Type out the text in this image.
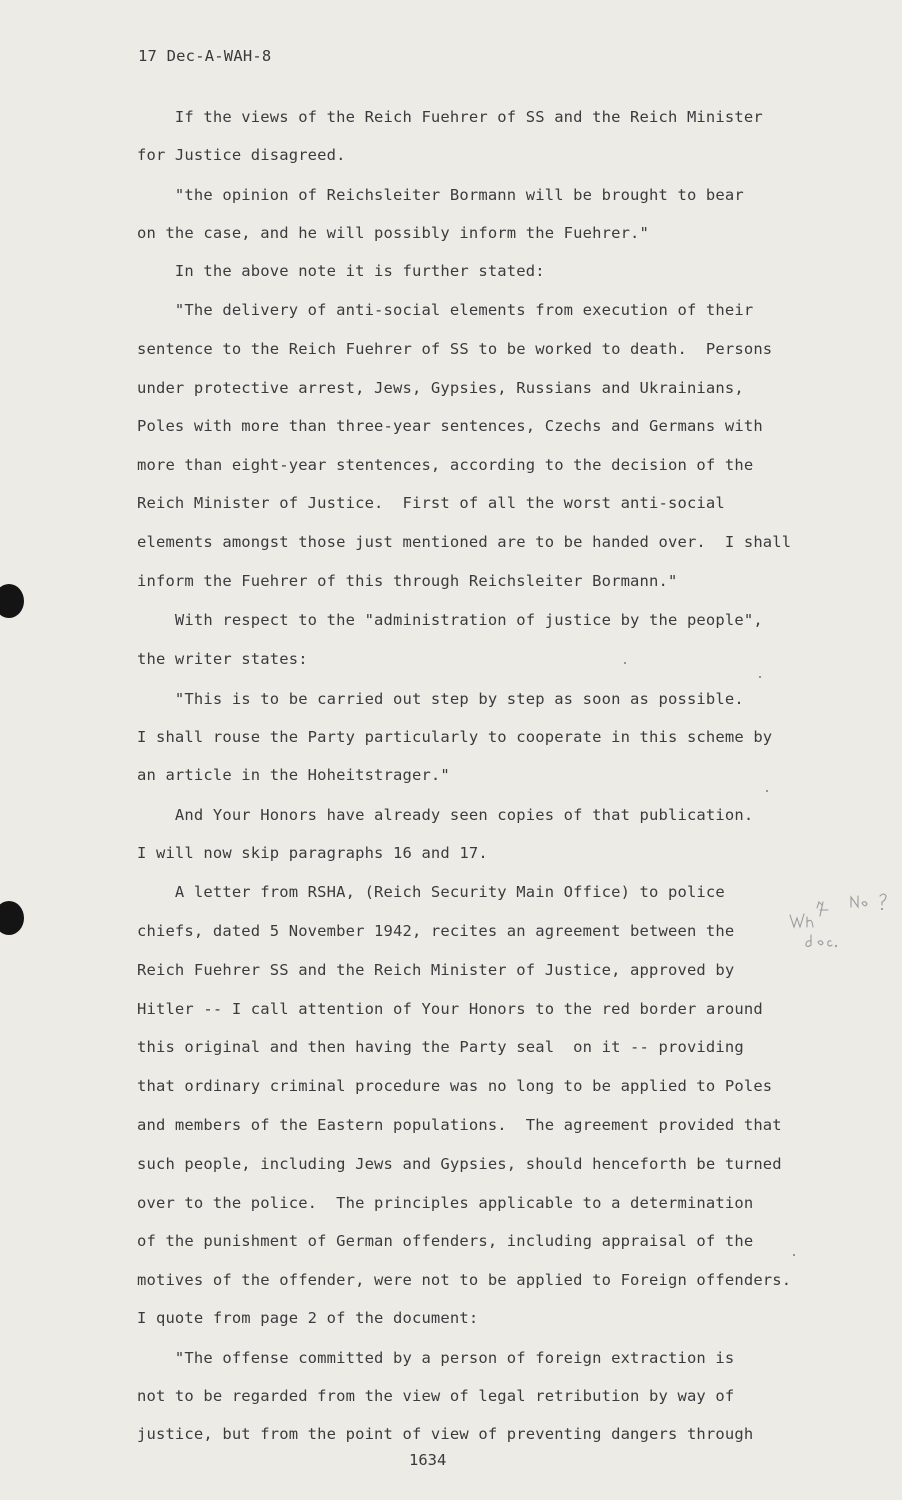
17 Dec-A-WAH-8
If the views of the Reich Fuehrer of SS and the Reich Minister
for Justice disagreed.
"the opinion of Reichsleiter Bormann will be brought to bear
on the case, and he will possibly inform the Fuehrer."
In the above note it is further stated:
"The delivery of anti-social elements from execution of their
sentence to the Reich Fuehrer of SS to be worked to death.  Persons
under protective arrest, Jews, Gypsies, Russians and Ukrainians,
Poles with more than three-year sentences, Czechs and Germans with
more than eight-year stentences, according to the decision of the
Reich Minister of Justice.  First of all the worst anti-social
elements amongst those just mentioned are to be handed over.  I shall
inform the Fuehrer of this through Reichsleiter Bormann."
With respect to the "administration of justice by the people",
the writer states:
"This is to be carried out step by step as soon as possible.
I shall rouse the Party particularly to cooperate in this scheme by
an article in the Hoheitstrager."
And Your Honors have already seen copies of that publication.
I will now skip paragraphs 16 and 17.
A letter from RSHA, (Reich Security Main Office) to police
chiefs, dated 5 November 1942, recites an agreement between the
Reich Fuehrer SS and the Reich Minister of Justice, approved by
Hitler -- I call attention of Your Honors to the red border around
this original and then having the Party seal  on it -- providing
that ordinary criminal procedure was no long to be applied to Poles
and members of the Eastern populations.  The agreement provided that
such people, including Jews and Gypsies, should henceforth be turned
over to the police.  The principles applicable to a determination
of the punishment of German offenders, including appraisal of the
motives of the offender, were not to be applied to Foreign offenders.
I quote from page 2 of the document:
"The offense committed by a person of foreign extraction is
not to be regarded from the view of legal retribution by way of
justice, but from the point of view of preventing dangers through
1634
